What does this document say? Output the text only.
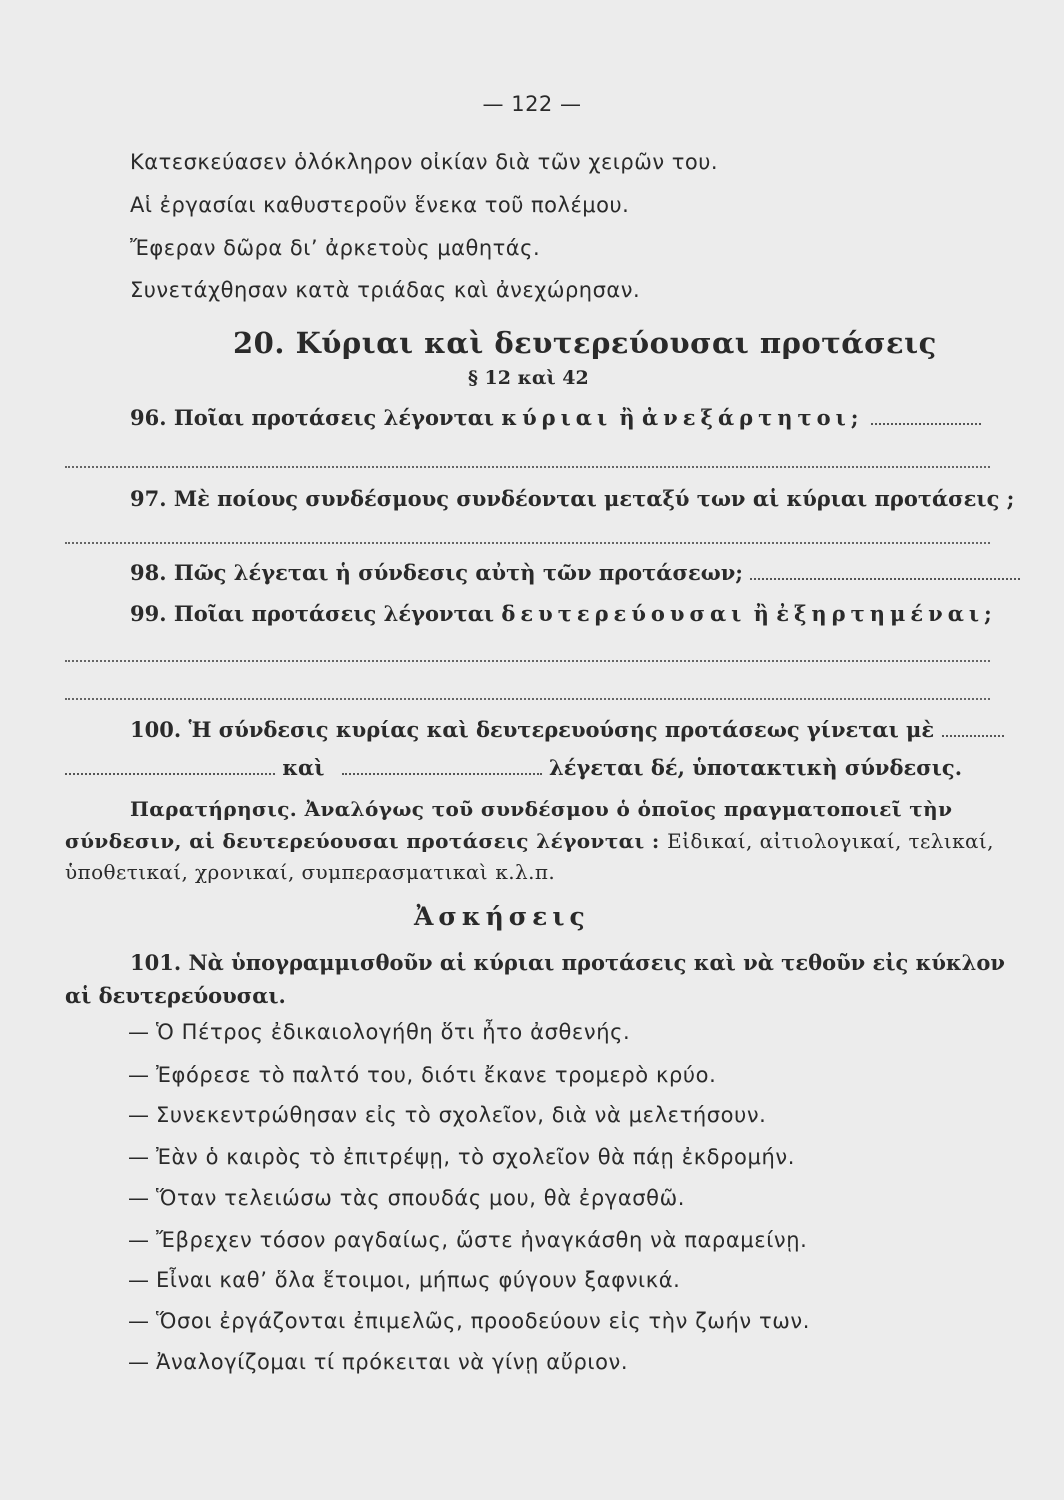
— 122 —
Κατεσκεύασεν ὁλόκληρον οἰκίαν διὰ τῶν χειρῶν του.
Αἱ ἐργασίαι καθυστεροῦν ἕνεκα τοῦ πολέμου.
Ἔφεραν δῶρα δι’ ἀρκετοὺς μαθητάς.
Συνετάχθησαν κατὰ τριάδας καὶ ἀνεχώρησαν.
20. Κύριαι καὶ δευτερεύουσαι προτάσεις
§ 12 καὶ 42
96. Ποῖαι προτάσεις λέγονται κύριαι ἢ ἀνεξάρτητοι;
97. Μὲ ποίους συνδέσμους συνδέονται μεταξύ των αἱ κύριαι προτάσεις ;
98. Πῶς λέγεται ἡ σύνδεσις αὐτὴ τῶν προτάσεων;
99. Ποῖαι προτάσεις λέγονται δευτερεύουσαι ἢ ἐξηρτημέναι;
100. Ἡ σύνδεσις κυρίας καὶ δευτερευούσης προτάσεως γίνεται μὲ
καὶ	λέγεται δέ, ὑποτακτικὴ σύνδεσις.
Παρατήρησις. Ἀναλόγως τοῦ συνδέσμου ὁ ὁποῖος πραγματοποιεῖ τὴν
σύνδεσιν, αἱ δευτερεύουσαι προτάσεις λέγονται : Εἰδικαί, αἰτιολογικαί, τελικαί,
ὑποθετικαί, χρονικαί, συμπερασματικαὶ κ.λ.π.
Ἀσκήσεις
101. Νὰ ὑπογραμμισθοῦν αἱ κύριαι προτάσεις καὶ νὰ τεθοῦν εἰς κύκλον
αἱ δευτερεύουσαι.
— Ὁ Πέτρος ἐδικαιολογήθη ὅτι ἦτο ἀσθενής.
— Ἐφόρεσε τὸ παλτό του, διότι ἔκανε τρομερὸ κρύο.
— Συνεκεντρώθησαν εἰς τὸ σχολεῖον, διὰ νὰ μελετήσουν.
— Ἐὰν ὁ καιρὸς τὸ ἐπιτρέψῃ, τὸ σχολεῖον θὰ πάῃ ἐκδρομήν.
— Ὅταν τελειώσω τὰς σπουδάς μου, θὰ ἐργασθῶ.
— Ἔβρεχεν τόσον ραγδαίως, ὥστε ἠναγκάσθη νὰ παραμείνῃ.
— Εἶναι καθ’ ὅλα ἕτοιμοι, μήπως φύγουν ξαφνικά.
— Ὅσοι ἐργάζονται ἐπιμελῶς, προοδεύουν εἰς τὴν ζωήν των.
— Ἀναλογίζομαι τί πρόκειται νὰ γίνῃ αὔριον.
